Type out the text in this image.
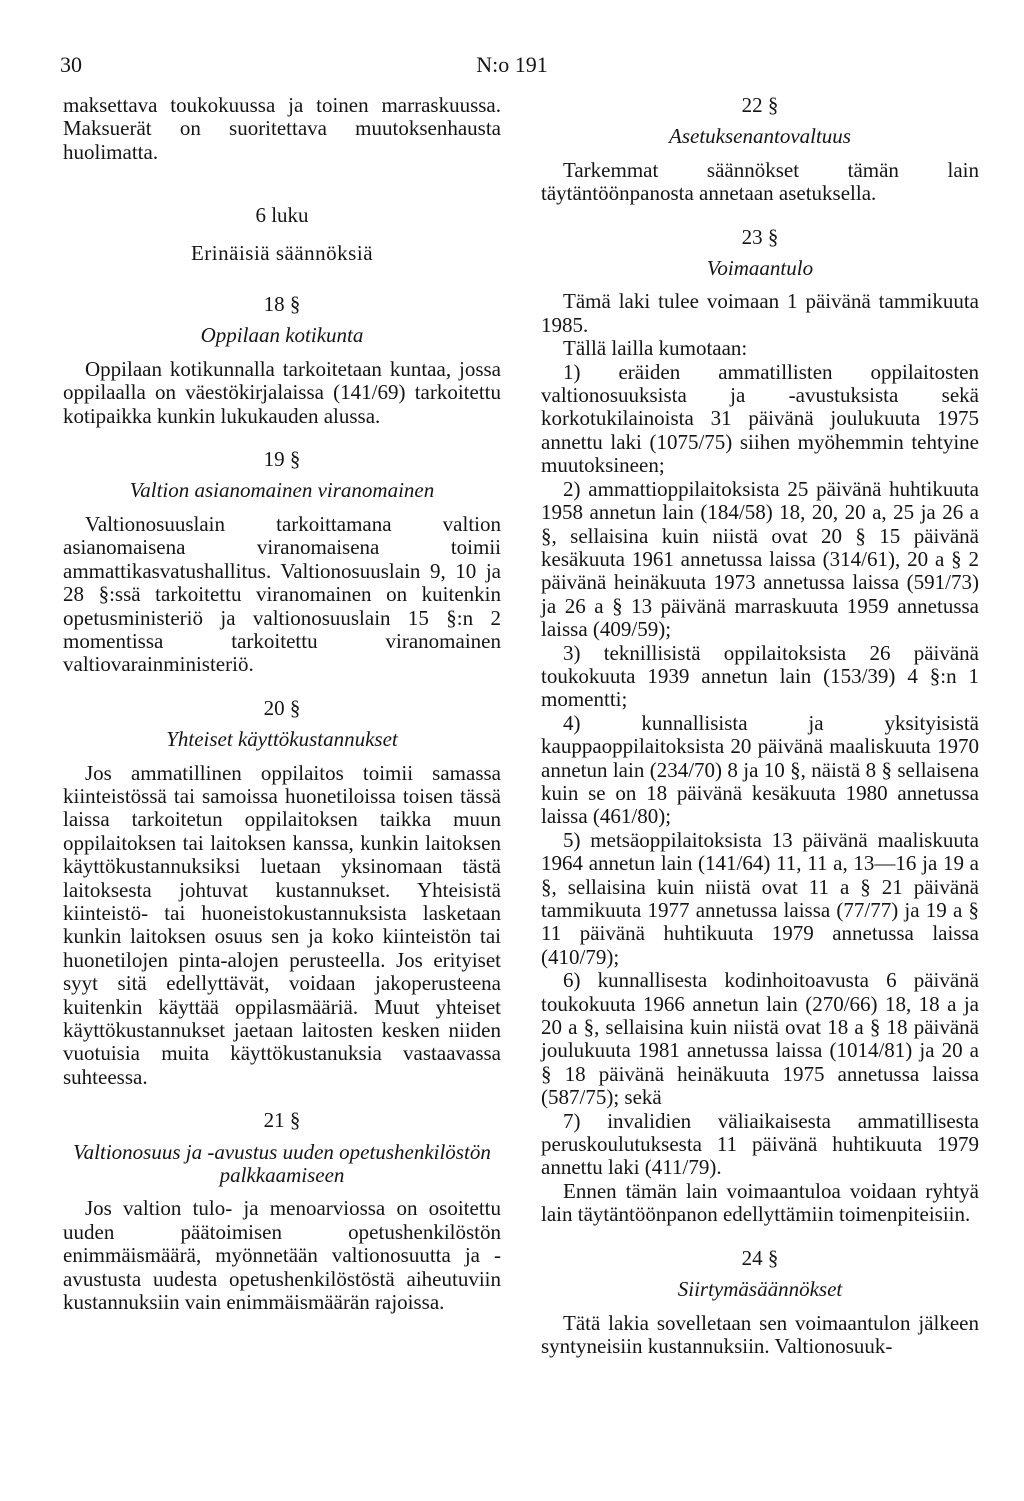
30	N:o 191

maksettava toukokuussa ja toinen marraskuussa. Maksuerät on suoritettava muutoksenhausta huolimatta.

6 luku
Erinäisiä säännöksiä
18 §
Oppilaan kotikunta

Oppilaan kotikunnalla tarkoitetaan kuntaa, jossa oppilaalla on väestökirjalaissa (141/69) tarkoitettu kotipaikka kunkin lukukauden alussa.

19 §
Valtion asianomainen viranomainen

Valtionosuuslain tarkoittamana valtion asianomaisena viranomaisena toimii ammattikasvatushallitus. Valtionosuuslain 9, 10 ja 28 §:ssä tarkoitettu viranomainen on kuitenkin opetusministeriö ja valtionosuuslain 15 §:n 2 momentissa tarkoitettu viranomainen valtiovarainministeriö.

20 §
Yhteiset käyttökustannukset

Jos ammatillinen oppilaitos toimii samassa kiinteistössä tai samoissa huonetiloissa toisen tässä laissa tarkoitetun oppilaitoksen taikka muun oppilaitoksen tai laitoksen kanssa, kunkin laitoksen käyttökustannuksiksi luetaan yksinomaan tästä laitoksesta johtuvat kustannukset. Yhteisistä kiinteistö- tai huoneistokustannuksista lasketaan kunkin laitoksen osuus sen ja koko kiinteistön tai huonetilojen pinta-alojen perusteella. Jos erityiset syyt sitä edellyttävät, voidaan jakoperusteena kuitenkin käyttää oppilasmääriä. Muut yhteiset käyttökustannukset jaetaan laitosten kesken niiden vuotuisia muita käyttökustanuksia vastaavassa suhteessa.

21 §
Valtionosuus ja -avustus uuden opetushenkilöstön palkkaamiseen

Jos valtion tulo- ja menoarviossa on osoitettu uuden päätoimisen opetushenkilöstön enimmäismäärä, myönnetään valtionosuutta ja -avustusta uudesta opetushenkilöstöstä aiheutuviin kustannuksiin vain enimmäismäärän rajoissa.

22 §
Asetuksenantovaltuus

Tarkemmat säännökset tämän lain täytäntöönpanosta annetaan asetuksella.

23 §
Voimaantulo

Tämä laki tulee voimaan 1 päivänä tammikuuta 1985.

Tällä lailla kumotaan:

1) eräiden ammatillisten oppilaitosten valtionosuuksista ja -avustuksista sekä korkotukilainoista 31 päivänä joulukuuta 1975 annettu laki (1075/75) siihen myöhemmin tehtyine muutoksineen;

2) ammattioppilaitoksista 25 päivänä huhtikuuta 1958 annetun lain (184/58) 18, 20, 20 a, 25 ja 26 a §, sellaisina kuin niistä ovat 20 § 15 päivänä kesäkuuta 1961 annetussa laissa (314/61), 20 a § 2 päivänä heinäkuuta 1973 annetussa laissa (591/73) ja 26 a § 13 päivänä marraskuuta 1959 annetussa laissa (409/59);

3) teknillisistä oppilaitoksista 26 päivänä toukokuuta 1939 annetun lain (153/39) 4 §:n 1 momentti;

4) kunnallisista ja yksityisistä kauppaoppilaitoksista 20 päivänä maaliskuuta 1970 annetun lain (234/70) 8 ja 10 §, näistä 8 § sellaisena kuin se on 18 päivänä kesäkuuta 1980 annetussa laissa (461/80);

5) metsäoppilaitoksista 13 päivänä maaliskuuta 1964 annetun lain (141/64) 11, 11 a, 13—16 ja 19 a §, sellaisina kuin niistä ovat 11 a § 21 päivänä tammikuuta 1977 annetussa laissa (77/77) ja 19 a § 11 päivänä huhtikuuta 1979 annetussa laissa (410/79);

6) kunnallisesta kodinhoitoavusta 6 päivänä toukokuuta 1966 annetun lain (270/66) 18, 18 a ja 20 a §, sellaisina kuin niistä ovat 18 a § 18 päivänä joulukuuta 1981 annetussa laissa (1014/81) ja 20 a § 18 päivänä heinäkuuta 1975 annetussa laissa (587/75); sekä

7) invalidien väliaikaisesta ammatillisesta peruskoulutuksesta 11 päivänä huhtikuuta 1979 annettu laki (411/79).

Ennen tämän lain voimaantuloa voidaan ryhtyä lain täytäntöönpanon edellyttämiin toimenpiteisiin.

24 §
Siirtymäsäännökset

Tätä lakia sovelletaan sen voimaantulon jälkeen syntyneisiin kustannuksiin. Valtionosuuk-
